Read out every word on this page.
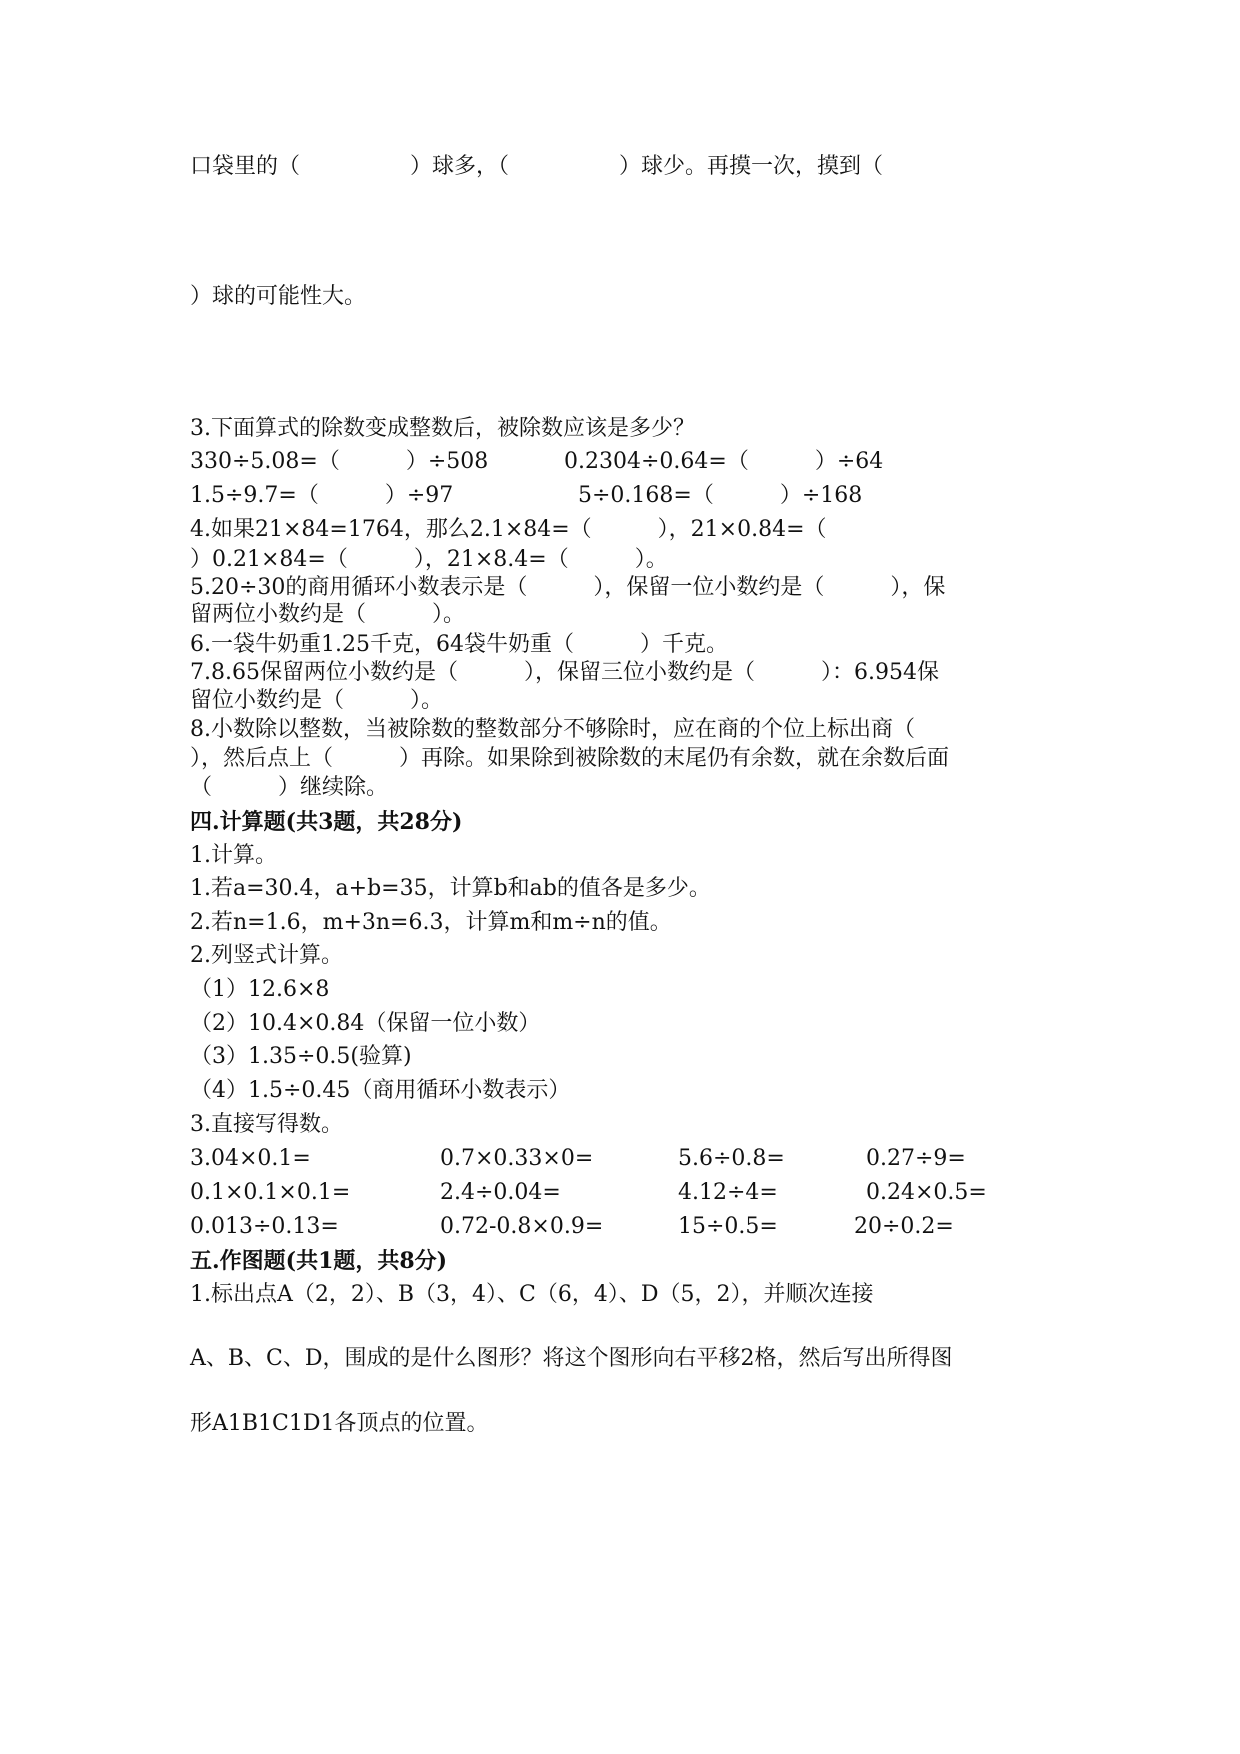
口袋里的（　　　　　）球多，（　　　　　）球少。再摸一次，摸到（
）球的可能性大。
3.下面算式的除数变成整数后，被除数应该是多少？
330÷5.08=（　　　）÷508	0.2304÷0.64=（　　　）÷64
1.5÷9.7=（　　　）÷97	5÷0.168=（　　　）÷168
4.如果21×84=1764，那么2.1×84=（　　　），21×0.84=（
）0.21×84=（　　　），21×8.4=（　　　）。
5.20÷30的商用循环小数表示是（　　　），保留一位小数约是（　　　），保
留两位小数约是（　　　）。
6.一袋牛奶重1.25千克，64袋牛奶重（　　　）千克。
7.8.65保留两位小数约是（　　　），保留三位小数约是（　　　）：6.954保
留位小数约是（　　　）。
8.小数除以整数，当被除数的整数部分不够除时，应在商的个位上标出商（
），然后点上（　　　）再除。如果除到被除数的末尾仍有余数，就在余数后面
（　　　）继续除。
四.计算题(共3题，共28分)
1.计算。
1.若a=30.4，a+b=35，计算b和ab的值各是多少。
2.若n=1.6，m+3n=6.3，计算m和m÷n的值。
2.列竖式计算。
（1）12.6×8
（2）10.4×0.84（保留一位小数）
（3）1.35÷0.5(验算)
（4）1.5÷0.45（商用循环小数表示）
3.直接写得数。
3.04×0.1=	0.7×0.33×0=	5.6÷0.8=	0.27÷9=
0.1×0.1×0.1=	2.4÷0.04=	4.12÷4=	0.24×0.5=
0.013÷0.13=	0.72-0.8×0.9=	15÷0.5=	20÷0.2=
五.作图题(共1题，共8分)
1.标出点A（2，2）、B（3，4）、C（6，4）、D（5，2），并顺次连接
A、B、C、D，围成的是什么图形？将这个图形向右平移2格，然后写出所得图
形A1B1C1D1各顶点的位置。
